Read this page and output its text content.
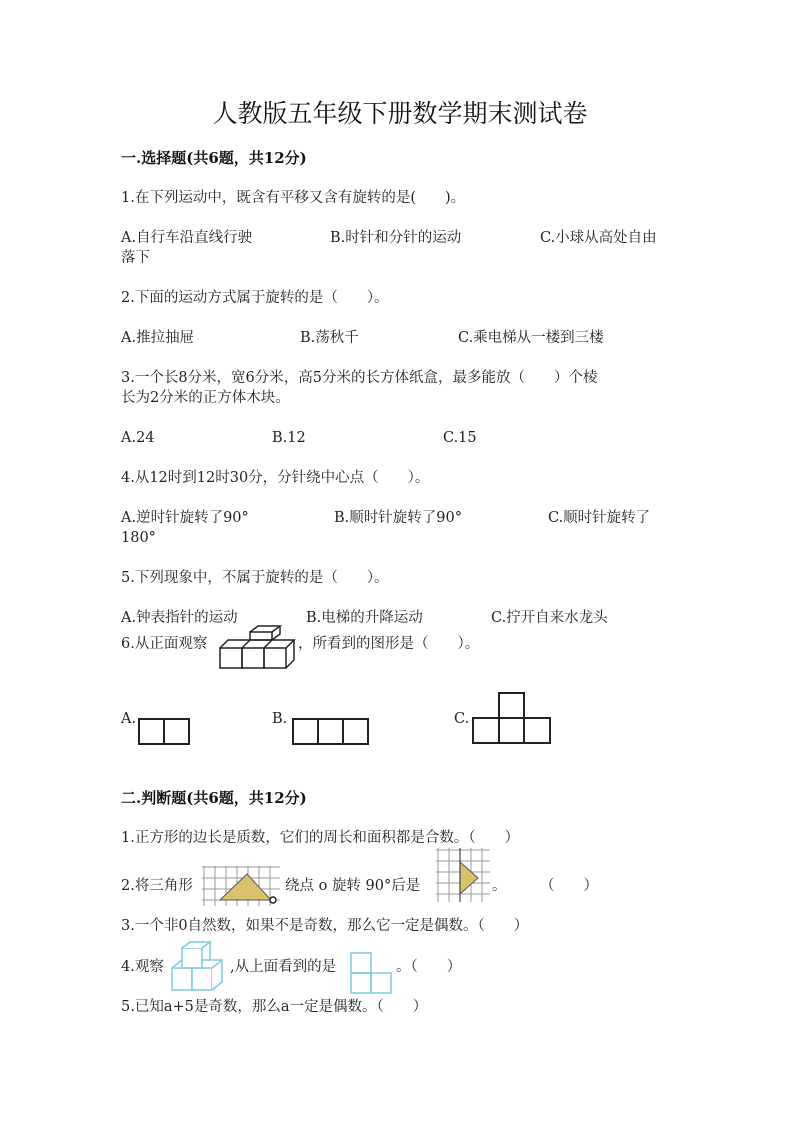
人教版五年级下册数学期末测试卷
一.选择题(共6题，共12分)
1.在下列运动中，既含有平移又含有旋转的是(　　)。
A.自行车沿直线行驶	B.时针和分针的运动	C.小球从高处自由
落下
2.下面的运动方式属于旋转的是（　　）。
A.推拉抽屉	B.荡秋千	C.乘电梯从一楼到三楼
3.一个长8分米，宽6分米，高5分米的长方体纸盒，最多能放（　　）个棱
长为2分米的正方体木块。
A.24	B.12	C.15
4.从12时到12时30分，分针绕中心点（　　）。
A.逆时针旋转了90°	B.顺时针旋转了90°	C.顺时针旋转了
180°
5.下列现象中，不属于旋转的是（　　）。
A.钟表指针的运动	B.电梯的升降运动	C.拧开自来水龙头
6.从正面观察	，所看到的图形是（　　）。
A.	B.	C.
二.判断题(共6题，共12分)
1.正方形的边长是质数，它们的周长和面积都是合数。（　　）
2.将三角形	绕点 o 旋转 90°后是	。 （　　）
3.一个非0自然数，如果不是奇数，那么它一定是偶数。（　　）
4.观察	,从上面看到的是	。（　　）
5.已知a+5是奇数，那么a一定是偶数。（　　）
